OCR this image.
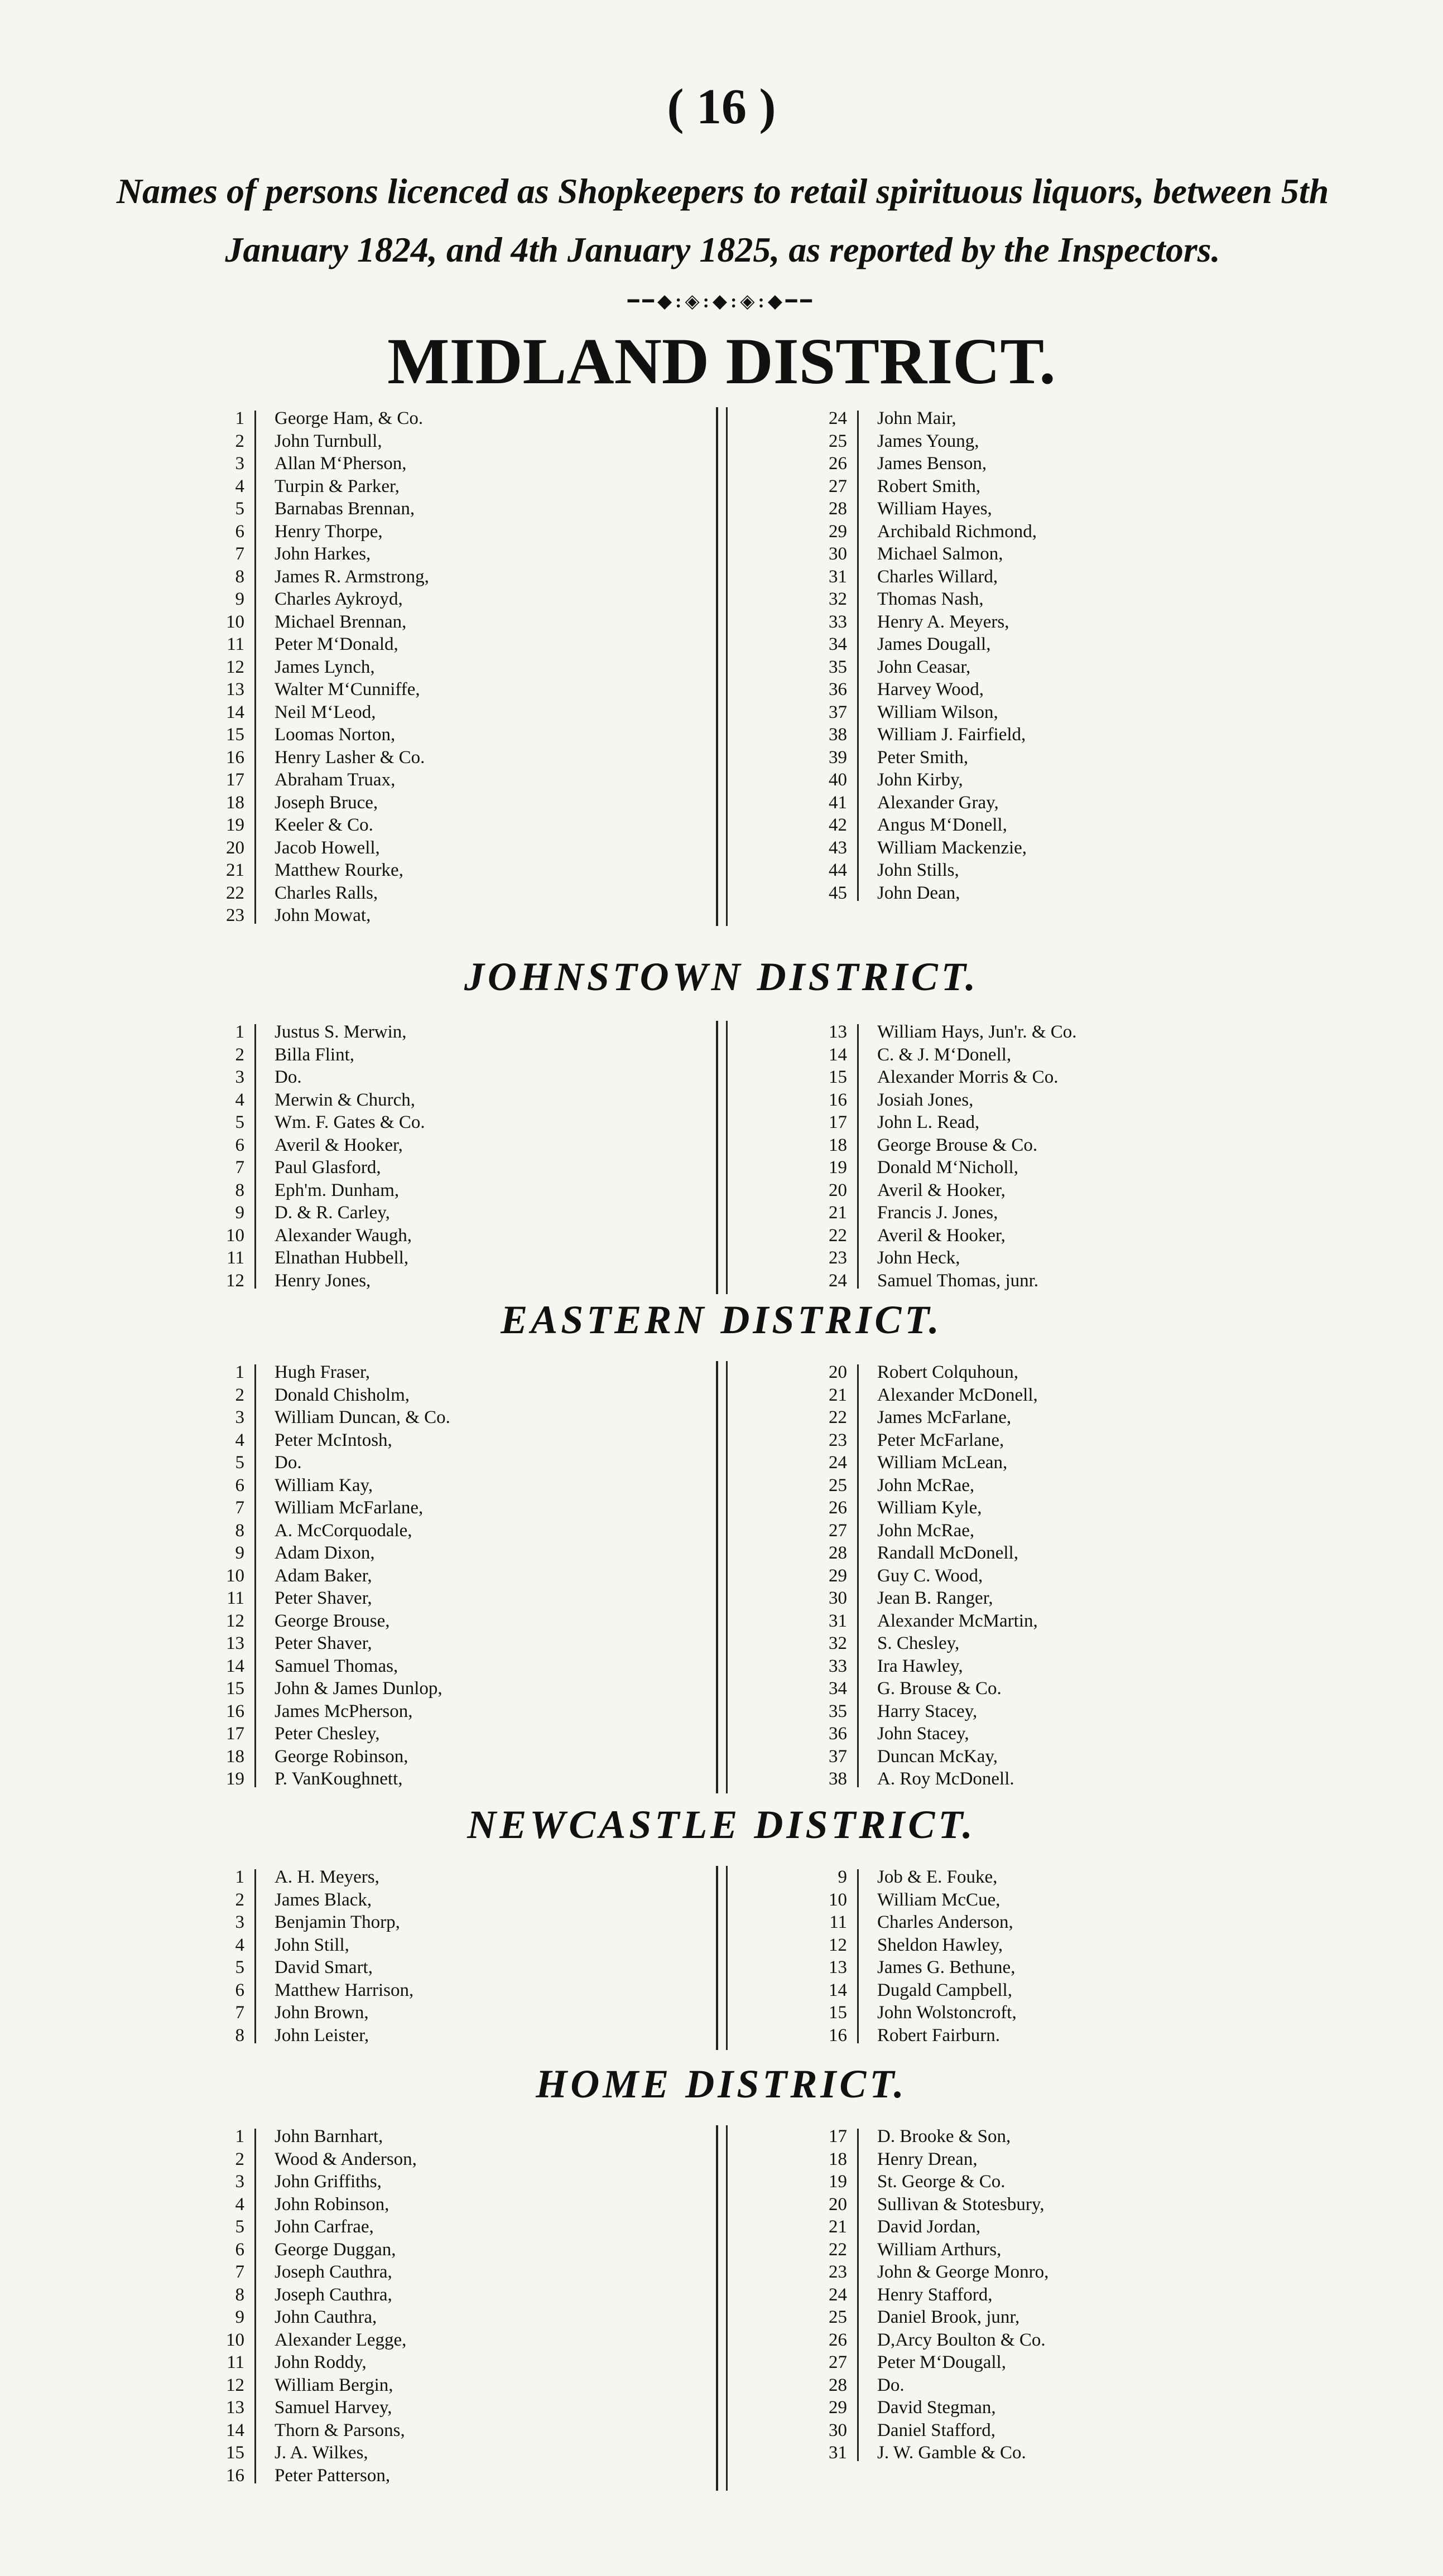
( 16 )
Names of persons licenced as Shopkeepers to retail spirituous liquors, between 5th
January 1824, and 4th January 1825, as reported by the Inspectors.
━━◆:◈:◆:◈:◆━━
MIDLAND DISTRICT.
1 George Ham, & Co.
2 John Turnbull,
3 Allan M‘Pherson,
4 Turpin & Parker,
5 Barnabas Brennan,
6 Henry Thorpe,
7 John Harkes,
8 James R. Armstrong,
9 Charles Aykroyd,
10 Michael Brennan,
11 Peter M‘Donald,
12 James Lynch,
13 Walter M‘Cunniffe,
14 Neil M‘Leod,
15 Loomas Norton,
16 Henry Lasher & Co.
17 Abraham Truax,
18 Joseph Bruce,
19 Keeler & Co.
20 Jacob Howell,
21 Matthew Rourke,
22 Charles Ralls,
23 John Mowat,
24 John Mair,
25 James Young,
26 James Benson,
27 Robert Smith,
28 William Hayes,
29 Archibald Richmond,
30 Michael Salmon,
31 Charles Willard,
32 Thomas Nash,
33 Henry A. Meyers,
34 James Dougall,
35 John Ceasar,
36 Harvey Wood,
37 William Wilson,
38 William J. Fairfield,
39 Peter Smith,
40 John Kirby,
41 Alexander Gray,
42 Angus M‘Donell,
43 William Mackenzie,
44 John Stills,
45 John Dean,
JOHNSTOWN DISTRICT.
1 Justus S. Merwin,
2 Billa Flint,
3 Do.
4 Merwin & Church,
5 Wm. F. Gates & Co.
6 Averil & Hooker,
7 Paul Glasford,
8 Eph'm. Dunham,
9 D. & R. Carley,
10 Alexander Waugh,
11 Elnathan Hubbell,
12 Henry Jones,
13 William Hays, Jun'r. & Co.
14 C. & J. M‘Donell,
15 Alexander Morris & Co.
16 Josiah Jones,
17 John L. Read,
18 George Brouse & Co.
19 Donald M‘Nicholl,
20 Averil & Hooker,
21 Francis J. Jones,
22 Averil & Hooker,
23 John Heck,
24 Samuel Thomas, junr.
EASTERN DISTRICT.
1 Hugh Fraser,
2 Donald Chisholm,
3 William Duncan, & Co.
4 Peter McIntosh,
5 Do.
6 William Kay,
7 William McFarlane,
8 A. McCorquodale,
9 Adam Dixon,
10 Adam Baker,
11 Peter Shaver,
12 George Brouse,
13 Peter Shaver,
14 Samuel Thomas,
15 John & James Dunlop,
16 James McPherson,
17 Peter Chesley,
18 George Robinson,
19 P. VanKoughnett,
20 Robert Colquhoun,
21 Alexander McDonell,
22 James McFarlane,
23 Peter McFarlane,
24 William McLean,
25 John McRae,
26 William Kyle,
27 John McRae,
28 Randall McDonell,
29 Guy C. Wood,
30 Jean B. Ranger,
31 Alexander McMartin,
32 S. Chesley,
33 Ira Hawley,
34 G. Brouse & Co.
35 Harry Stacey,
36 John Stacey,
37 Duncan McKay,
38 A. Roy McDonell.
NEWCASTLE DISTRICT.
1 A. H. Meyers,
2 James Black,
3 Benjamin Thorp,
4 John Still,
5 David Smart,
6 Matthew Harrison,
7 John Brown,
8 John Leister,
9 Job & E. Fouke,
10 William McCue,
11 Charles Anderson,
12 Sheldon Hawley,
13 James G. Bethune,
14 Dugald Campbell,
15 John Wolstoncroft,
16 Robert Fairburn.
HOME DISTRICT.
1 John Barnhart,
2 Wood & Anderson,
3 John Griffiths,
4 John Robinson,
5 John Carfrae,
6 George Duggan,
7 Joseph Cauthra,
8 Joseph Cauthra,
9 John Cauthra,
10 Alexander Legge,
11 John Roddy,
12 William Bergin,
13 Samuel Harvey,
14 Thorn & Parsons,
15 J. A. Wilkes,
16 Peter Patterson,
17 D. Brooke & Son,
18 Henry Drean,
19 St. George & Co.
20 Sullivan & Stotesbury,
21 David Jordan,
22 William Arthurs,
23 John & George Monro,
24 Henry Stafford,
25 Daniel Brook, junr,
26 D,Arcy Boulton & Co.
27 Peter M‘Dougall,
28 Do.
29 David Stegman,
30 Daniel Stafford,
31 J. W. Gamble & Co.
